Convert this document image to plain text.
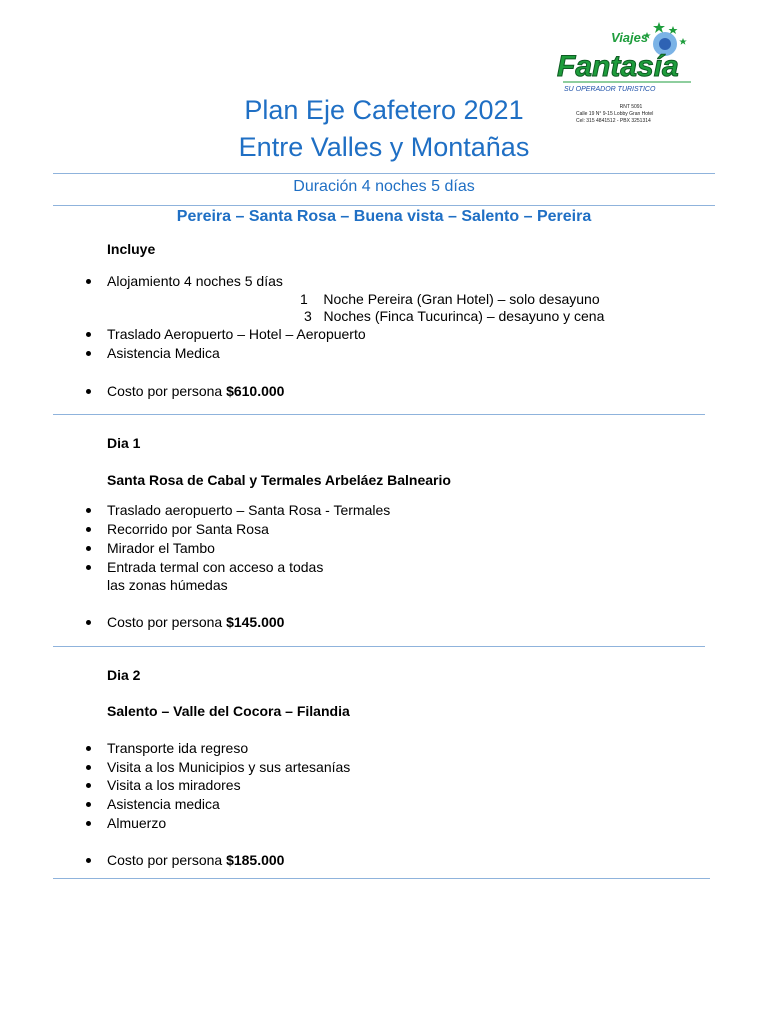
Plan Eje Cafetero 2021
Entre Valles y Montañas
Viajes
Fantasía
SU OPERADOR TURISTICO
RNT 5091
Calle 19 N° 9-15 Lobby Gran Hotel
Cel: 315 4841512 - PBX 3251314
Duración 4 noches 5 días
Pereira – Santa Rosa – Buena vista – Salento – Pereira
Incluye
Alojamiento 4 noches 5 días
1    Noche Pereira (Gran Hotel) – solo desayuno
3   Noches (Finca Tucurinca) – desayuno y cena
Traslado Aeropuerto – Hotel – Aeropuerto
Asistencia Medica
Costo por persona $610.000
Dia 1
Santa Rosa de Cabal y Termales Arbeláez Balneario
Traslado aeropuerto – Santa Rosa - Termales
Recorrido por Santa Rosa
Mirador el Tambo
Entrada termal con acceso a todas
las zonas húmedas
Costo por persona $145.000
Dia 2
Salento – Valle del Cocora – Filandia
Transporte ida regreso
Visita a los Municipios y sus artesanías
Visita a los miradores
Asistencia medica
Almuerzo
Costo por persona $185.000
